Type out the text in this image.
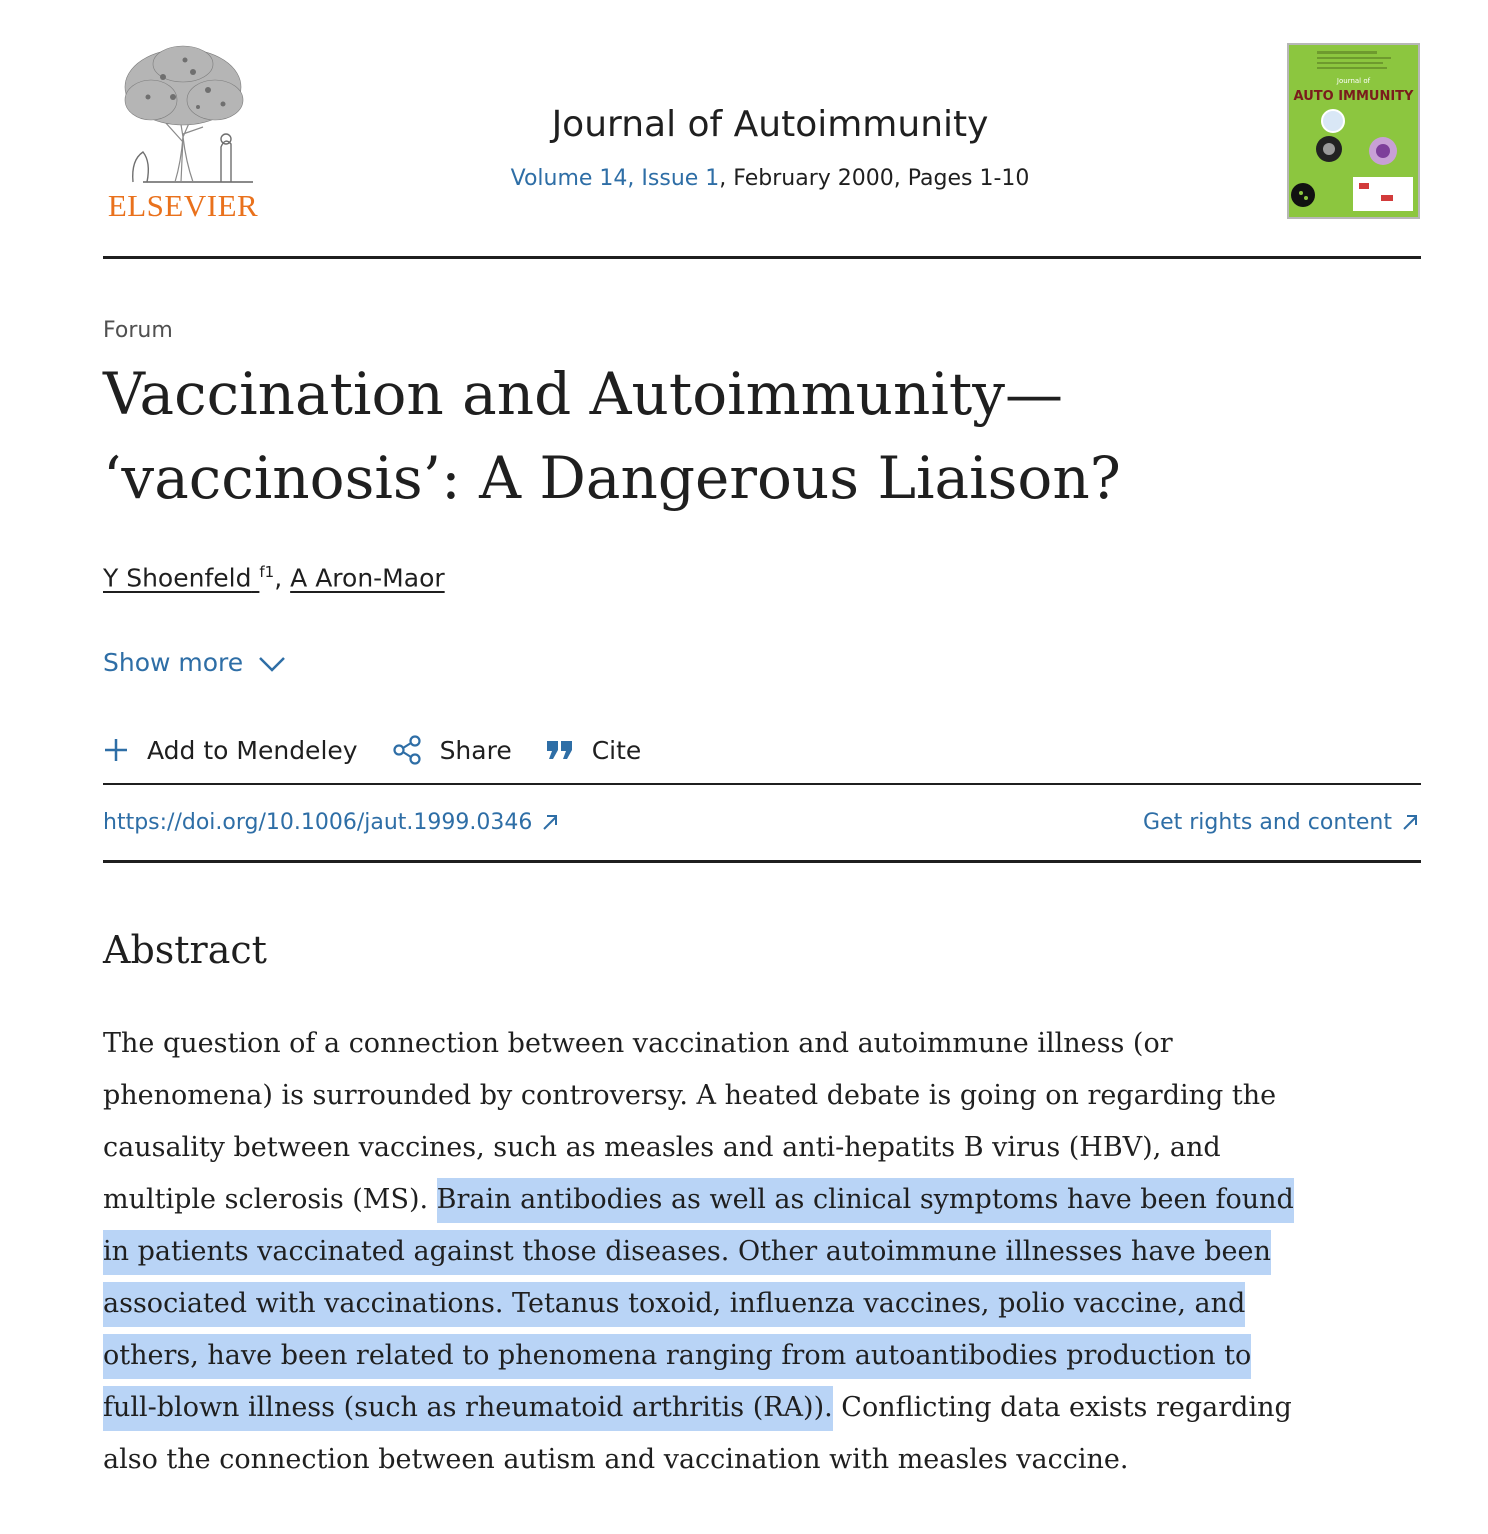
ELSEVIER
Journal of Autoimmunity
Volume 14, Issue 1, February 2000, Pages 1-10
Journal of
AUTO IMMUNITY
Forum
Vaccination and Autoimmunity—
‘vaccinosis’: A Dangerous Liaison?
Y Shoenfeld $^{f1}$, A Aron-Maor
Show more
Add to Mendeley	Share	Cite
https://doi.org/10.1006/jaut.1999.0346	Get rights and content
Abstract

The question of a connection between vaccination and autoimmune illness (or
phenomena) is surrounded by controversy. A heated debate is going on regarding the
causality between vaccines, such as measles and anti-hepatits B virus (HBV), and
multiple sclerosis (MS). Brain antibodies as well as clinical symptoms have been found
in patients vaccinated against those diseases. Other autoimmune illnesses have been
associated with vaccinations. Tetanus toxoid, influenza vaccines, polio vaccine, and
others, have been related to phenomena ranging from autoantibodies production to
full-blown illness (such as rheumatoid arthritis (RA)). Conflicting data exists regarding
also the connection between autism and vaccination with measles vaccine.
